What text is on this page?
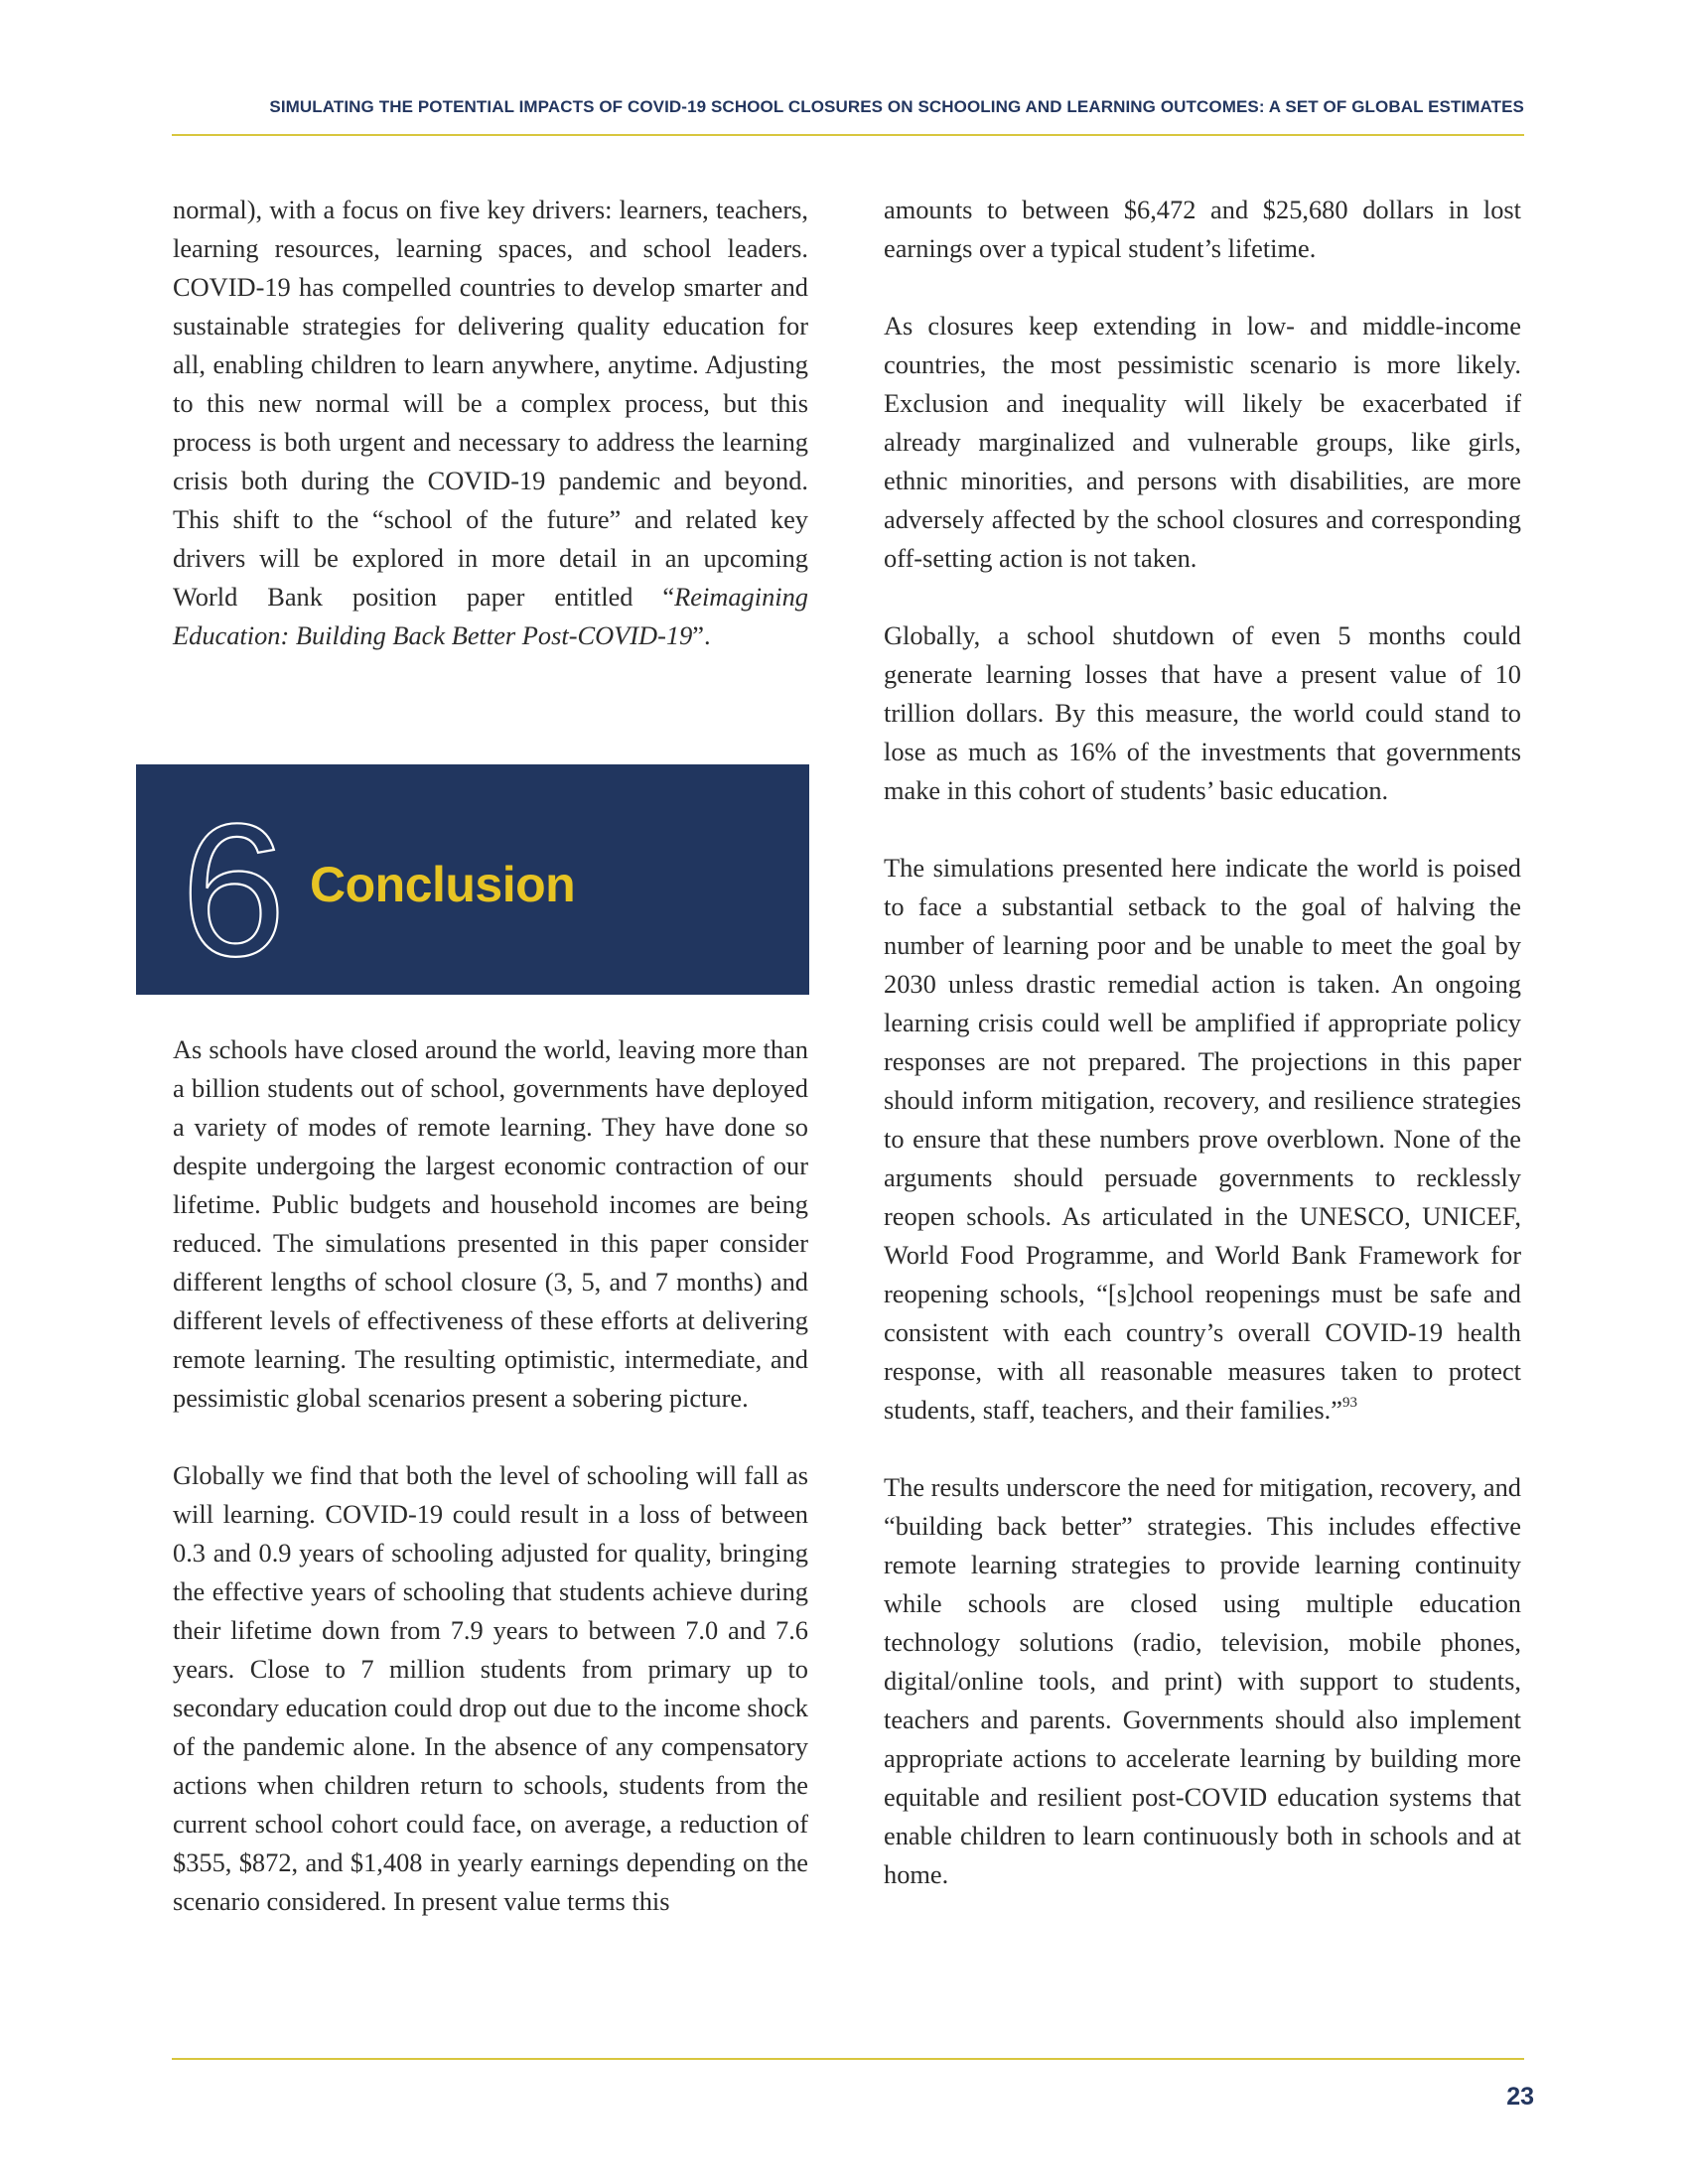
SIMULATING THE POTENTIAL IMPACTS OF COVID-19 SCHOOL CLOSURES ON SCHOOLING AND LEARNING OUTCOMES: A SET OF GLOBAL ESTIMATES

normal), with a focus on five key drivers: learners, teachers, learning resources, learning spaces, and school leaders. COVID-19 has compelled countries to develop smarter and sustainable strategies for delivering quality education for all, enabling children to learn anywhere, anytime. Adjusting to this new normal will be a complex process, but this process is both urgent and necessary to address the learning crisis both during the COVID-19 pandemic and beyond. This shift to the “school of the future” and related key drivers will be explored in more detail in an upcoming World Bank position paper entitled “Reimagining Education: Building Back Better Post-COVID-19”.

6 Conclusion

As schools have closed around the world, leaving more than a billion students out of school, governments have deployed a variety of modes of remote learning. They have done so despite undergoing the largest economic contraction of our lifetime. Public budgets and household incomes are being reduced. The simulations presented in this paper consider different lengths of school closure (3, 5, and 7 months) and different levels of effectiveness of these efforts at delivering remote learning. The resulting optimistic, intermediate, and pessimistic global scenarios present a sobering picture.

Globally we find that both the level of schooling will fall as will learning. COVID-19 could result in a loss of between 0.3 and 0.9 years of schooling adjusted for quality, bringing the effective years of schooling that students achieve during their lifetime down from 7.9 years to between 7.0 and 7.6 years. Close to 7 million students from primary up to secondary education could drop out due to the income shock of the pandemic alone. In the absence of any compensatory actions when children return to schools, students from the current school cohort could face, on average, a reduction of $355, $872, and $1,408 in yearly earnings depending on the scenario considered. In present value terms this

amounts to between $6,472 and $25,680 dollars in lost earnings over a typical student’s lifetime.

As closures keep extending in low- and middle-income countries, the most pessimistic scenario is more likely. Exclusion and inequality will likely be exacerbated if already marginalized and vulnerable groups, like girls, ethnic minorities, and persons with disabilities, are more adversely affected by the school closures and corresponding off-setting action is not taken.

Globally, a school shutdown of even 5 months could generate learning losses that have a present value of 10 trillion dollars. By this measure, the world could stand to lose as much as 16% of the investments that governments make in this cohort of students’ basic education.

The simulations presented here indicate the world is poised to face a substantial setback to the goal of halving the number of learning poor and be unable to meet the goal by 2030 unless drastic remedial action is taken. An ongoing learning crisis could well be amplified if appropriate policy responses are not prepared. The projections in this paper should inform mitigation, recovery, and resilience strategies to ensure that these numbers prove overblown. None of the arguments should persuade governments to recklessly reopen schools. As articulated in the UNESCO, UNICEF, World Food Programme, and World Bank Framework for reopening schools, “[s]chool reopenings must be safe and consistent with each country’s overall COVID-19 health response, with all reasonable measures taken to protect students, staff, teachers, and their families.”$^{93}$

The results underscore the need for mitigation, recovery, and “building back better” strategies. This includes effective remote learning strategies to provide learning continuity while schools are closed using multiple education technology solutions (radio, television, mobile phones, digital/online tools, and print) with support to students, teachers and parents. Governments should also implement appropriate actions to accelerate learning by building more equitable and resilient post-COVID education systems that enable children to learn continuously both in schools and at home.

23
